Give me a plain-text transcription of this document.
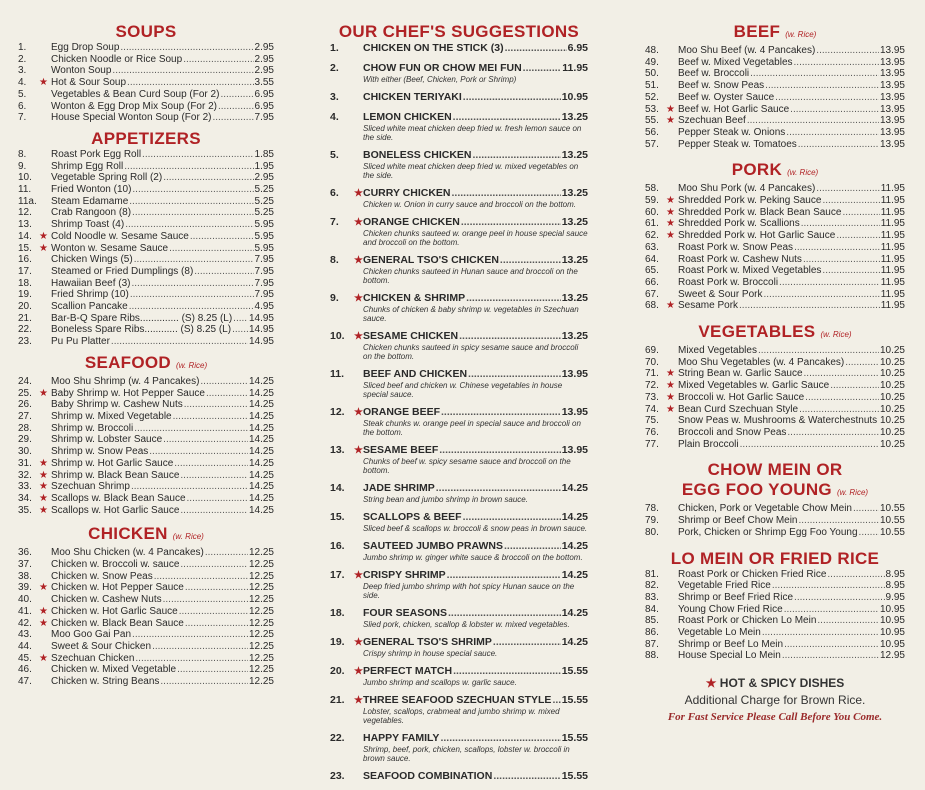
SOUPS
1.	Egg Drop Soup .....	2.95
2.	Chicken Noodle or Rice Soup .....	2.95
3.	Wonton Soup .....	2.95
4.	★ Hot & Sour Soup .....	3.55
5.	Vegetables & Bean Curd Soup (For 2) .....	6.95
6.	Wonton & Egg Drop Mix Soup (For 2) .....	6.95
7.	House Special Wonton Soup (For 2) .....	7.95
APPETIZERS
8.	Roast Pork Egg Roll .....	1.85
9.	Shrimp Egg Roll .....	1.95
10.	Vegetable Spring Roll (2) .....	2.95
11.	Fried Wonton (10) .....	5.25
11a. Steam Edamame .....	5.25
12.	Crab Rangoon (8) .....	5.25
13.	Shrimp Toast (4) .....	5.95
14. ★ Cold Noodle w. Sesame Sauce .....	5.95
15. ★ Wonton w. Sesame Sauce .....	5.95
16.	Chicken Wings (5) .....	7.95
17.	Steamed or Fried Dumplings (8) .....	7.95
18.	Hawaiian Beef (3) .....	7.95
19.	Fried Shrimp (10) .....	7.95
20.	Scallion Pancake .....	4.95
21.	Bar-B-Q Spare Ribs.............. (S) 8.25 (L) ..... 14.95
22.	Boneless Spare Ribs............ (S) 8.25 (L) ..... 14.95
23.	Pu Pu Platter .....	14.95
SEAFOOD (w. Rice)
24.	Moo Shu Shrimp (w. 4 Pancakes) .....	14.25
25. ★ Baby Shrimp w. Hot Pepper Sauce .....	14.25
26.	Baby Shrimp w. Cashew Nuts .....	14.25
27.	Shrimp w. Mixed Vegetable .....	14.25
28.	Shrimp w. Broccoli .....	14.25
29.	Shrimp w. Lobster Sauce .....	14.25
30.	Shrimp w. Snow Peas .....	14.25
31. ★ Shrimp w. Hot Garlic Sauce .....	14.25
32. ★ Shrimp w. Black Bean Sauce .....	14.25
33. ★ Szechuan Shrimp .....	14.25
34. ★ Scallops w. Black Bean Sauce .....	14.25
35. ★ Scallops w. Hot Garlic Sauce .....	14.25
CHICKEN (w. Rice)
36.	Moo Shu Chicken (w. 4 Pancakes) .....	12.25
37.	Chicken w. Broccoli w. sauce .....	12.25
38.	Chicken w. Snow Peas .....	12.25
39. ★ Chicken w. Hot Pepper Sauce .....	12.25
40.	Chicken w. Cashew Nuts .....	12.25
41. ★ Chicken w. Hot Garlic Sauce .....	12.25
42. ★ Chicken w. Black Bean Sauce .....	12.25
43.	Moo Goo Gai Pan .....	12.25
44.	Sweet & Sour Chicken .....	12.25
45. ★ Szechuan Chicken .....	12.25
46.	Chicken w. Mixed Vegetable .....	12.25
47.	Chicken w. String Beans .....	12.25
OUR CHEF'S SUGGESTIONS
1.	CHICKEN ON THE STICK (3) .....	6.95
2.	CHOW FUN OR CHOW MEI FUN .....	11.95
With either (Beef, Chicken, Pork or Shrimp)
3.	CHICKEN TERIYAKI .....	10.95
4.	LEMON CHICKEN .....	13.25
Sliced white meat chicken deep fried w. fresh lemon sauce on the side.
5.	BONELESS CHICKEN .....	13.25
Sliced white meat chicken deep fried w. mixed vegetables on the side.
6.	★ CURRY CHICKEN .....	13.25
Chicken w. Onion in curry sauce and broccoli on the bottom.
7.	★ ORANGE CHICKEN .....	13.25
Chicken chunks sauteed w. orange peel in house special sauce and broccoli on the bottom.
8.	★ GENERAL TSO'S CHICKEN .....	13.25
Chicken chunks sauteed in Hunan sauce and broccoli on the bottom.
9.	★ CHICKEN & SHRIMP .....	13.25
Chunks of chicken & baby shrimp w. vegetables in Szechuan sauce.
10. ★ SESAME CHICKEN .....	13.25
Chicken chunks sauteed in spicy sesame sauce and broccoli on the bottom.
11.	BEEF AND CHICKEN .....	13.95
Sliced beef and chicken w. Chinese vegetables in house special sauce.
12. ★ ORANGE BEEF .....	13.95
Steak chunks w. orange peel in special sauce and broccoli on the bottom.
13. ★ SESAME BEEF .....	13.95
Chunks of beef w. spicy sesame sauce and broccoli on the bottom.
14.	JADE SHRIMP .....	14.25
String bean and jumbo shrimp in brown sauce.
15.	SCALLOPS & BEEF .....	14.25
Sliced beef & scallops w. broccoli & snow peas in brown sauce.
16.	SAUTEED JUMBO PRAWNS .....	14.25
Jumbo shrimp w. ginger white sauce & broccoli on the bottom.
17. ★ CRISPY SHRIMP .....	14.25
Deep fried jumbo shrimp with hot spicy Hunan sauce on the side.
18.	FOUR SEASONS .....	14.25
Slied pork, chicken, scallop & lobster w. mixed vegetables.
19. ★ GENERAL TSO'S SHRIMP .....	14.25
Crispy shrimp in house special sauce.
20. ★ PERFECT MATCH .....	15.55
Jumbo shrimp and scallops w. garlic sauce.
21. ★ THREE SEAFOOD SZECHUAN STYLE ..... 15.55
Lobster, scallops, crabmeat and jumbo shrimp w. mixed vegetables.
22.	HAPPY FAMILY .....	15.55
Shrimp, beef, pork, chicken, scallops, lobster w. broccoli in brown sauce.
23.	SEAFOOD COMBINATION .....	15.55
BEEF (w. Rice)
48.	Moo Shu Beef (w. 4 Pancakes) .....	13.95
49.	Beef w. Mixed Vegetables .....	13.95
50.	Beef w. Broccoli .....	13.95
51.	Beef w. Snow Peas .....	13.95
52.	Beef w. Oyster Sauce .....	13.95
53. ★ Beef w. Hot Garlic Sauce .....	13.95
55. ★ Szechuan Beef .....	13.95
56.	Pepper Steak w. Onions .....	13.95
57.	Pepper Steak w. Tomatoes .....	13.95
PORK (w. Rice)
58.	Moo Shu Pork (w. 4 Pancakes) .....	11.95
59. ★ Shredded Pork w. Peking Sauce .....	11.95
60. ★ Shredded Pork w. Black Bean Sauce .....	11.95
61. ★ Shredded Pork w. Scallions .....	11.95
62. ★ Shredded Pork w. Hot Garlic Sauce .....	11.95
63.	Roast Pork w. Snow Peas .....	11.95
64.	Roast Pork w. Cashew Nuts .....	11.95
65.	Roast Pork w. Mixed Vegetables .....	11.95
66.	Roast Pork w. Broccoli .....	11.95
67.	Sweet & Sour Pork .....	11.95
68. ★ Sesame Pork .....	11.95
VEGETABLES (w. Rice)
69.	Mixed Vegetables .....	10.25
70.	Moo Shu Vegetables (w. 4 Pancakes) .....	10.25
71. ★ String Bean w. Garlic Sauce .....	10.25
72. ★ Mixed Vegetables w. Garlic Sauce .....	10.25
73. ★ Broccoli w. Hot Garlic Sauce .....	10.25
74. ★ Bean Curd Szechuan Style .....	10.25
75.	Snow Peas w. Mushrooms & Waterchestnuts ..... 10.25
76.	Broccoli and Snow Peas .....	10.25
77.	Plain Broccoli .....	10.25
CHOW MEIN OR
EGG FOO YOUNG (w. Rice)
78.	Chicken, Pork or Vegetable Chow Mein .....	10.55
79.	Shrimp or Beef Chow Mein .....	10.55
80.	Pork, Chicken or Shrimp Egg Foo Young ..... 10.55
LO MEIN OR FRIED RICE
81.	Roast Pork or Chicken Fried Rice .....	8.95
82.	Vegetable Fried Rice .....	8.95
83.	Shrimp or Beef Fried Rice .....	9.95
84.	Young Chow Fried Rice .....	10.95
85.	Roast Pork or Chicken Lo Mein .....	10.95
86.	Vegetable Lo Mein .....	10.95
87.	Shrimp or Beef Lo Mein .....	10.95
88.	House Special Lo Mein .....	12.95
★ HOT & SPICY DISHES
Additional Charge for Brown Rice.
For Fast Service Please Call Before You Come.
